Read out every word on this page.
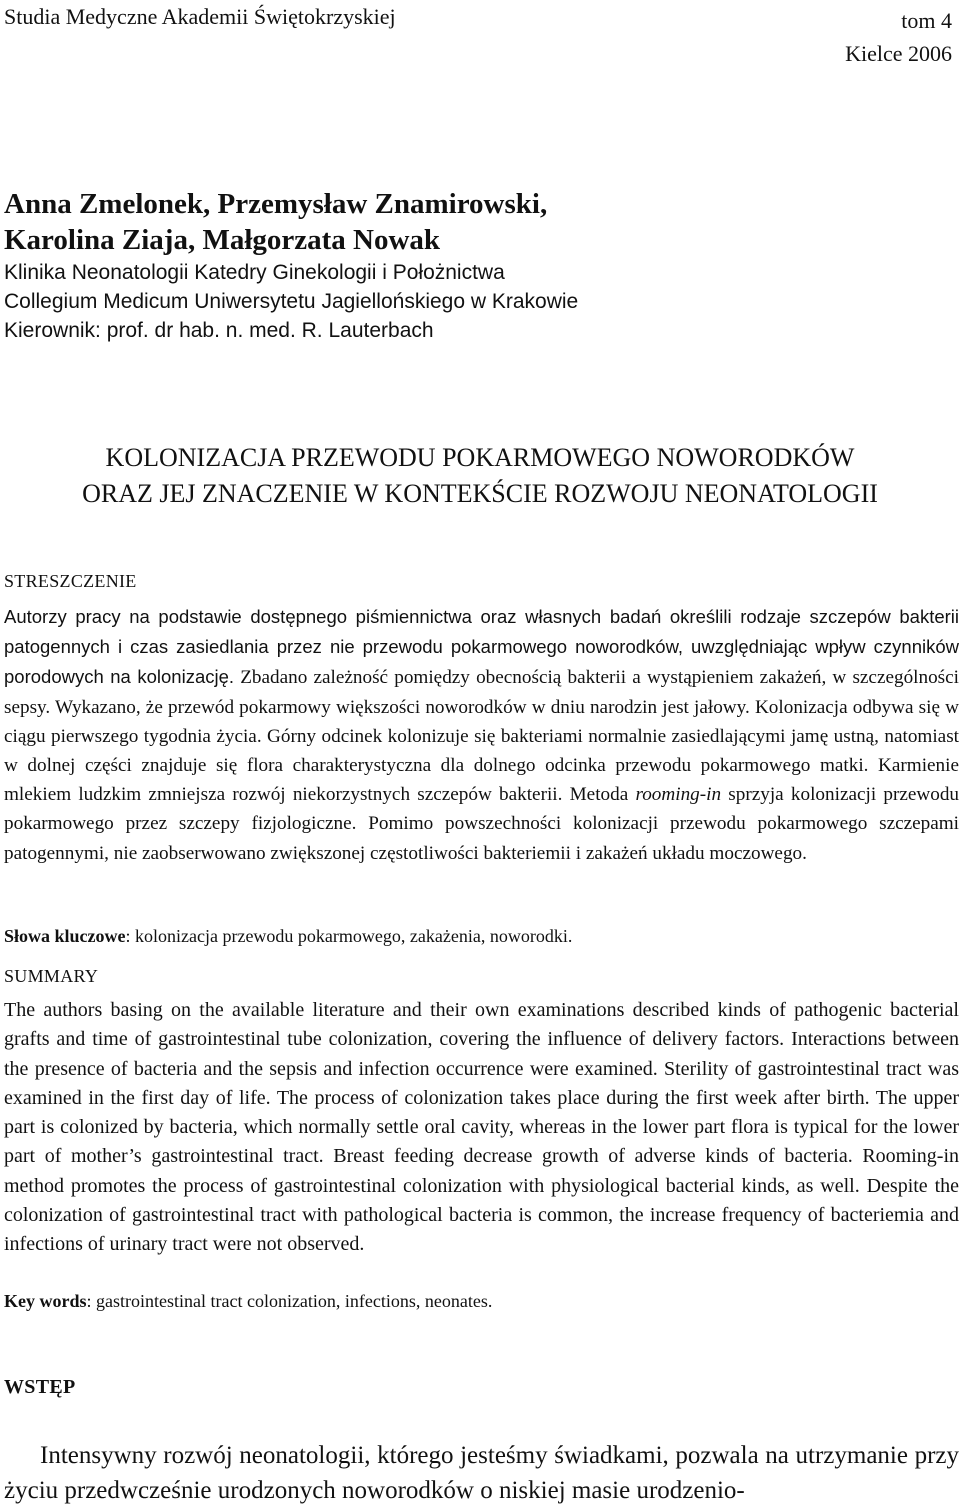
Studia Medyczne Akademii Świętokrzyskiej	tom 4
Kielce 2006
Anna Zmelonek, Przemysław Znamirowski,
Karolina Ziaja, Małgorzata Nowak
Klinika Neonatologii Katedry Ginekologii i Położnictwa
Collegium Medicum Uniwersytetu Jagiellońskiego w Krakowie
Kierownik: prof. dr hab. n. med. R. Lauterbach
KOLONIZACJA PRZEWODU POKARMOWEGO NOWORODKÓW
ORAZ JEJ ZNACZENIE W KONTEKŚCIE ROZWOJU NEONATOLOGII
STRESZCZENIE
Autorzy pracy na podstawie dostępnego piśmiennictwa oraz własnych badań określili rodzaje szczepów bakterii patogennych i czas zasiedlania przez nie przewodu pokarmowego noworodków, uwzględniając wpływ czynników porodowych na kolonizację. Zbadano zależność pomiędzy obecnością bakterii a wystąpieniem zakażeń, w szczególności sepsy. Wykazano, że przewód pokarmowy większości noworodków w dniu narodzin jest jałowy. Kolonizacja odbywa się w ciągu pierwszego tygodnia życia. Górny odcinek kolonizuje się bakteriami normalnie zasiedlającymi jamę ustną, natomiast w dolnej części znajduje się flora charakterystyczna dla dolnego odcinka przewodu pokarmowego matki. Karmienie mlekiem ludzkim zmniejsza rozwój niekorzystnych szczepów bakterii. Metoda rooming-in sprzyja kolonizacji przewodu pokarmowego przez szczepy fizjologiczne. Pomimo powszechności kolonizacji przewodu pokarmowego szczepami patogennymi, nie zaobserwowano zwiększonej częstotliwości bakteriemii i zakażeń układu moczowego.
Słowa kluczowe: kolonizacja przewodu pokarmowego, zakażenia, noworodki.
SUMMARY
The authors basing on the available literature and their own examinations described kinds of pathogenic bacterial grafts and time of gastrointestinal tube colonization, covering the influence of delivery factors. Interactions between the presence of bacteria and the sepsis and infection occurrence were examined. Sterility of gastrointestinal tract was examined in the first day of life. The process of colonization takes place during the first week after birth. The upper part is colonized by bacteria, which normally settle oral cavity, whereas in the lower part flora is typical for the lower part of mother’s gastrointestinal tract. Breast feeding decrease growth of adverse kinds of bacteria. Rooming-in method promotes the process of gastrointestinal colonization with physiological bacterial kinds, as well. Despite the colonization of gastrointestinal tract with pathological bacteria is common, the increase frequency of bacteriemia and infections of urinary tract were not observed.
Key words: gastrointestinal tract colonization, infections, neonates.
WSTĘP
Intensywny rozwój neonatologii, którego jesteśmy świadkami, pozwala na utrzymanie przy życiu przedwcześnie urodzonych noworodków o niskiej masie urodzenio-
